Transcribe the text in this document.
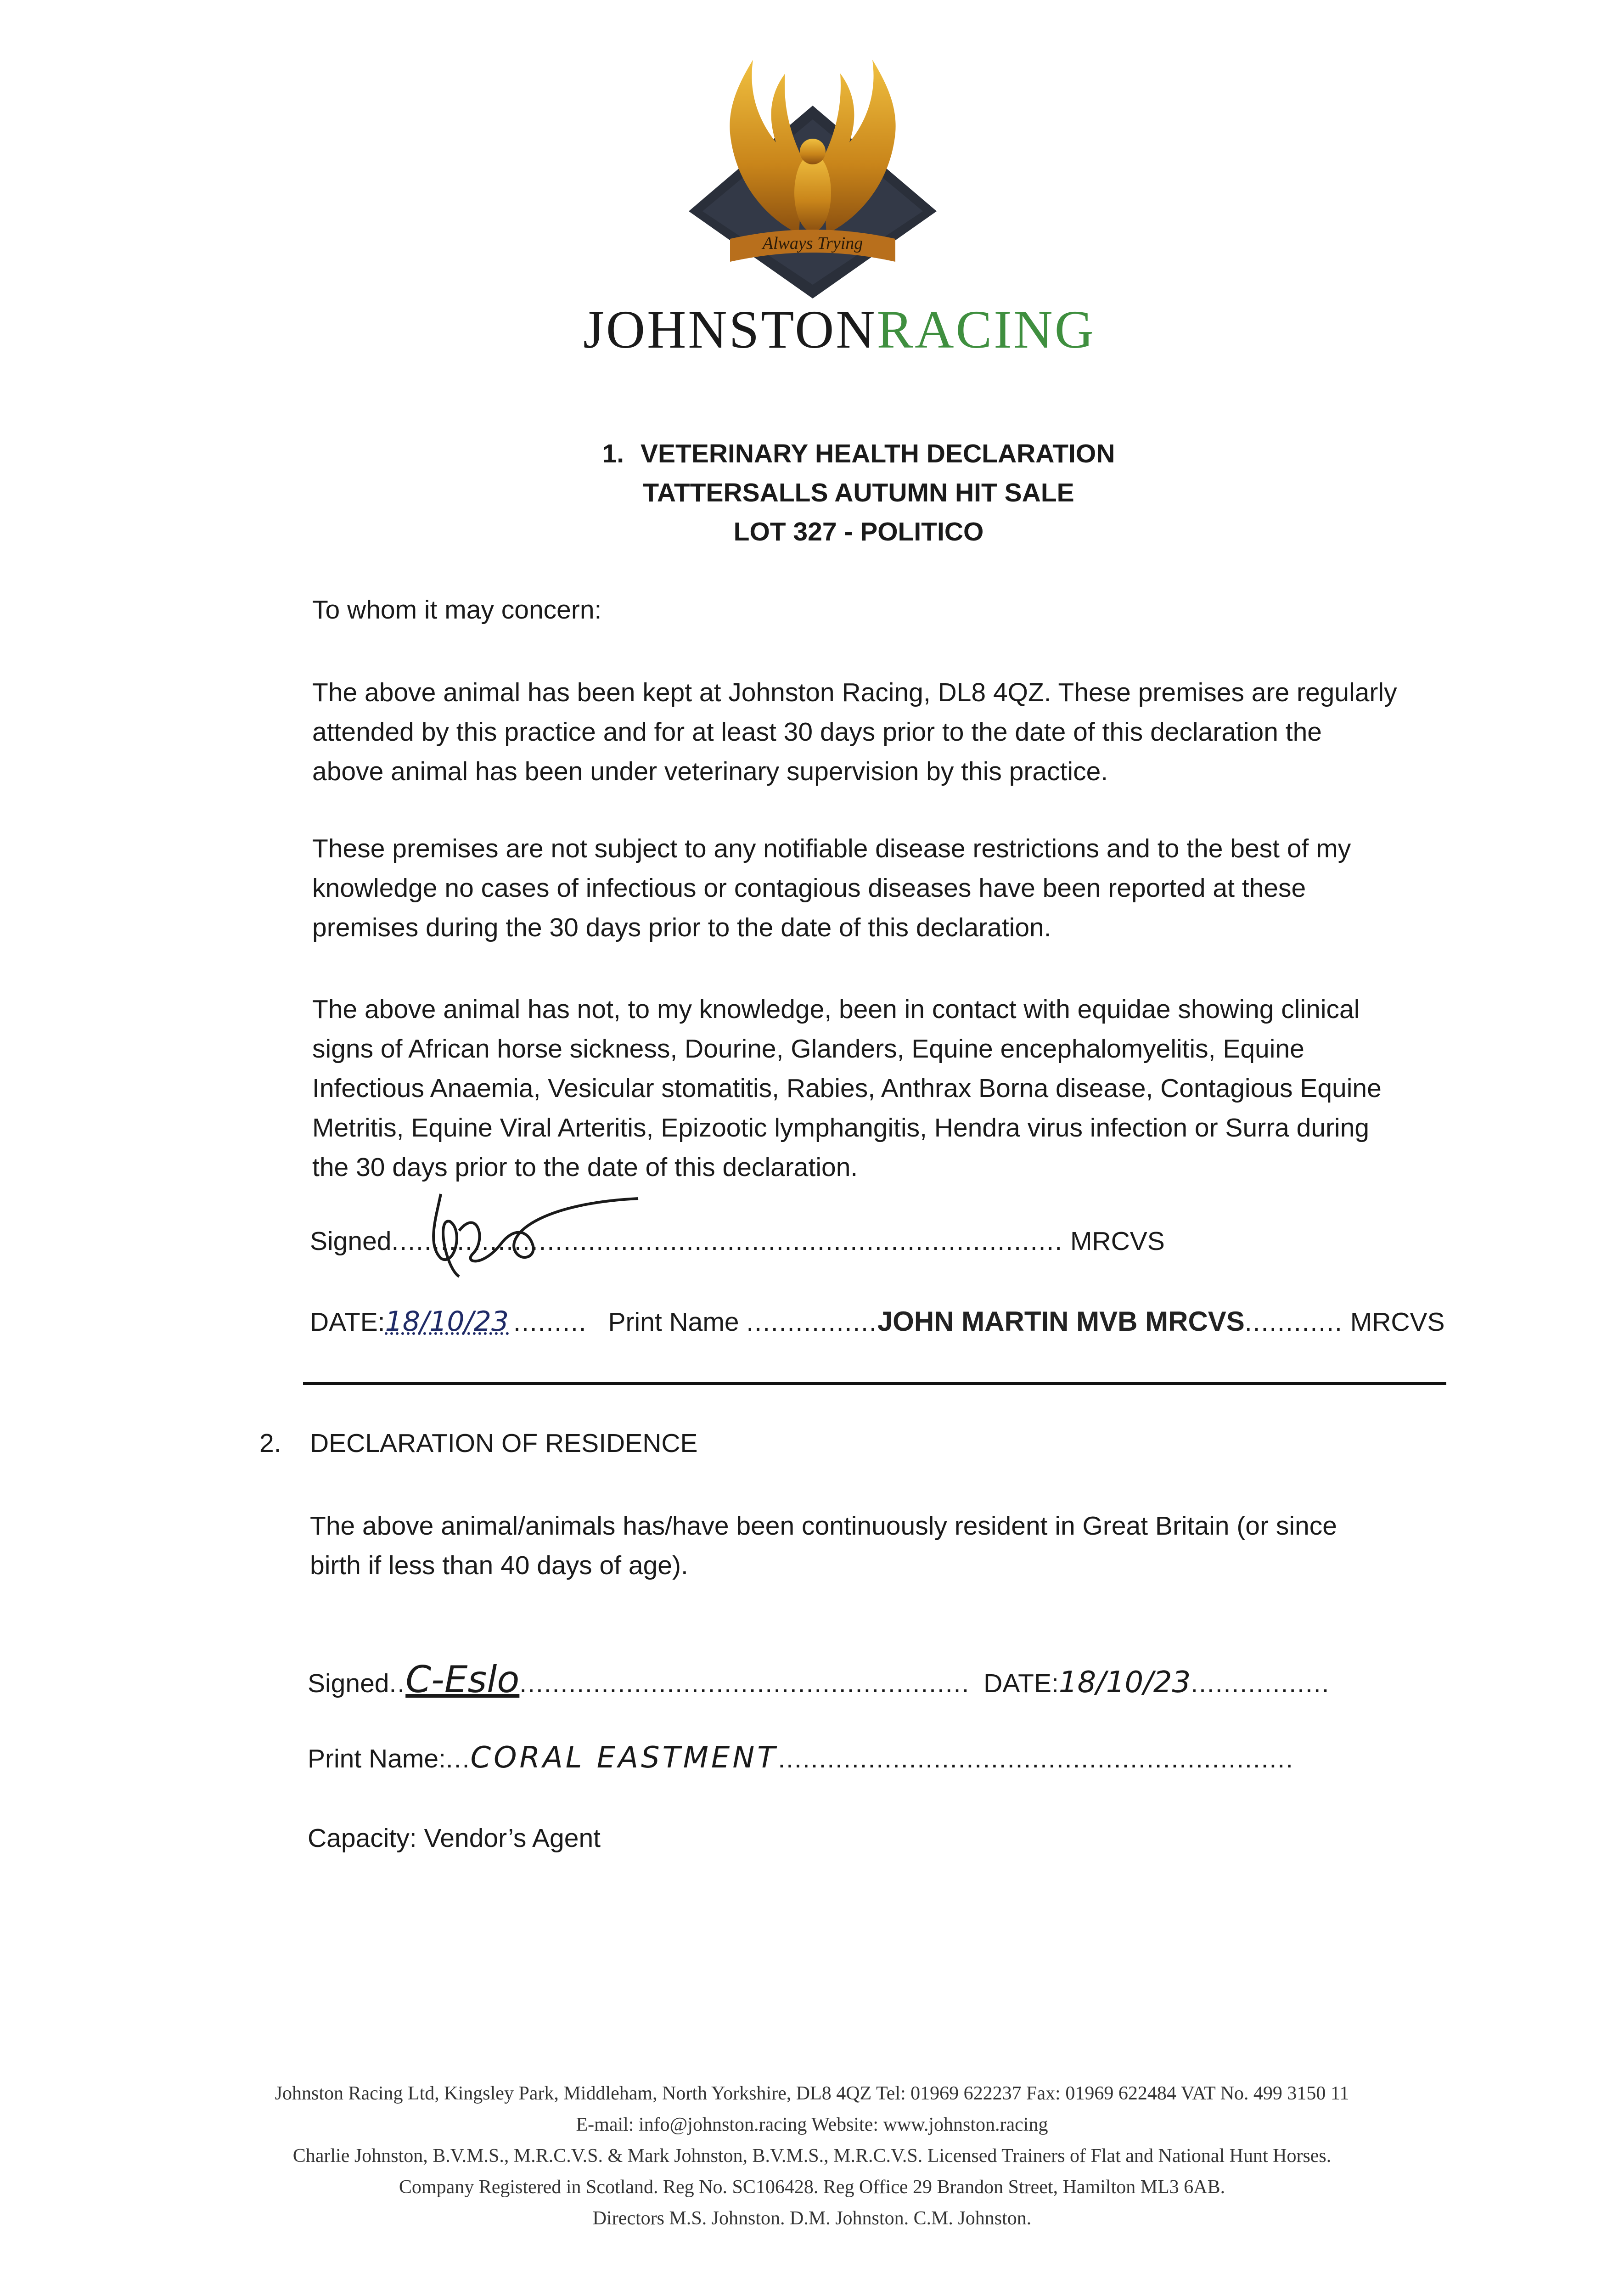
Always Trying
JOHNSTONRACING
1. VETERINARY HEALTH DECLARATION
TATTERSALLS AUTUMN HIT SALE
LOT 327 - POLITICO
To whom it may concern:
The above animal has been kept at Johnston Racing, DL8 4QZ. These premises are regularly
attended by this practice and for at least 30 days prior to the date of this declaration the
above animal has been under veterinary supervision by this practice.
These premises are not subject to any notifiable disease restrictions and to the best of my
knowledge no cases of infectious or contagious diseases have been reported at these
premises during the 30 days prior to the date of this declaration.
The above animal has not, to my knowledge, been in contact with equidae showing clinical
signs of African horse sickness, Dourine, Glanders, Equine encephalomyelitis, Equine
Infectious Anaemia, Vesicular stomatitis, Rabies, Anthrax Borna disease, Contagious Equine
Metritis, Equine Viral Arteritis, Epizootic lymphangitis, Hendra virus infection or Surra during
the 30 days prior to the date of this declaration.
Signed.................................................................................. MRCVS
DATE:18/10/23 ......... Print Name ................JOHN MARTIN MVB MRCVS............ MRCVS
2. DECLARATION OF RESIDENCE
The above animal/animals has/have been continuously resident in Great Britain (or since
birth if less than 40 days of age).
Signed..C-Eslo....................................................... DATE:18/10/23.................
Print Name:...CORAL EASTMENT...............................................................
Capacity: Vendor’s Agent
Johnston Racing Ltd, Kingsley Park, Middleham, North Yorkshire, DL8 4QZ Tel: 01969 622237 Fax: 01969 622484 VAT No. 499 3150 11
E-mail: info@johnston.racing Website: www.johnston.racing
Charlie Johnston, B.V.M.S., M.R.C.V.S. & Mark Johnston, B.V.M.S., M.R.C.V.S. Licensed Trainers of Flat and National Hunt Horses.
Company Registered in Scotland. Reg No. SC106428. Reg Office 29 Brandon Street, Hamilton ML3 6AB.
Directors M.S. Johnston. D.M. Johnston. C.M. Johnston.
